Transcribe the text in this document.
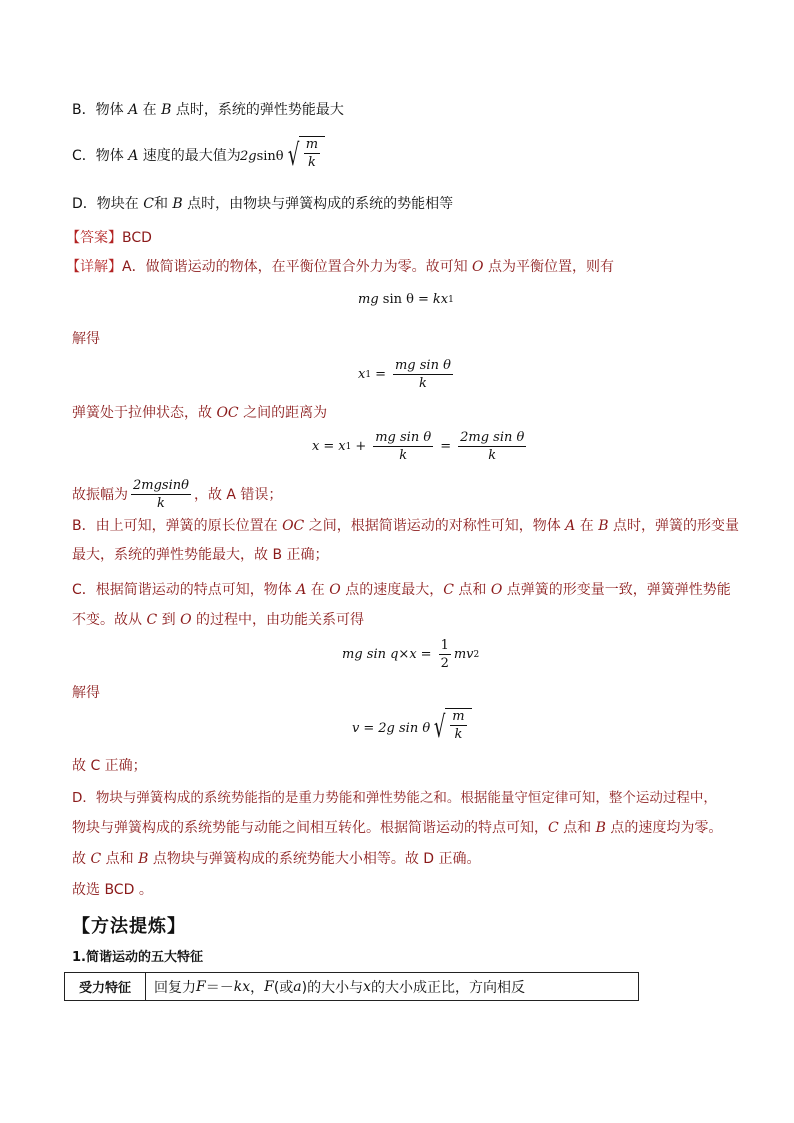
B．物体 A 在 B 点时，系统的弹性势能最大
C．物体 A 速度的最大值为 2g sinθ √ $\frac{m}{k}$
D．物块在 C和 B 点时，由物块与弹簧构成的系统的势能相等
【答案】BCD
【详解】A．做简谐运动的物体，在平衡位置合外力为零。故可知 O 点为平衡位置，则有
mg
sin θ = kx 1
解得
x $1 = \frac{\text{mg sin θ}}{k}$
弹簧处于拉伸状态，故 OC 之间的距离为
x = x $1 + \frac{\text{mg sin θ}}{k} = \frac{\text{2mg sin θ}}{k}$
故振幅为 $\frac{2mgsin\theta}{k}$ ，故 A 错误；
B．由上可知，弹簧的原长位置在 OC 之间，根据简谐运动的对称性可知，物体 A 在 B 点时，弹簧的形变量
最大，系统的弹性势能最大，故 B 正确；
C．根据简谐运动的特点可知，物体 A 在 O 点的速度最大，C 点和 O 点弹簧的形变量一致，弹簧弹性势能
不变。故从 C 到 O 的过程中，由功能关系可得
mg $\sin q\times x = \frac{1}{2}$ mv 2
解得
v = 2g sin θ √ $\frac{m}{k}$
故 C 正确；
D．物块与弹簧构成的系统势能指的是重力势能和弹性势能之和。根据能量守恒定律可知，整个运动过程中，
物块与弹簧构成的系统势能与动能之间相互转化。根据简谐运动的特点可知，C 点和 B 点的速度均为零。
故 C 点和 B 点物块与弹簧构成的系统势能大小相等。故 D 正确。
故选 BCD 。
【方法提炼】
1.简谐运动的五大特征
受力特征	回复力 F ＝－ kx ， F (或 a )的大小与 x 的大小成正比，方向相反
